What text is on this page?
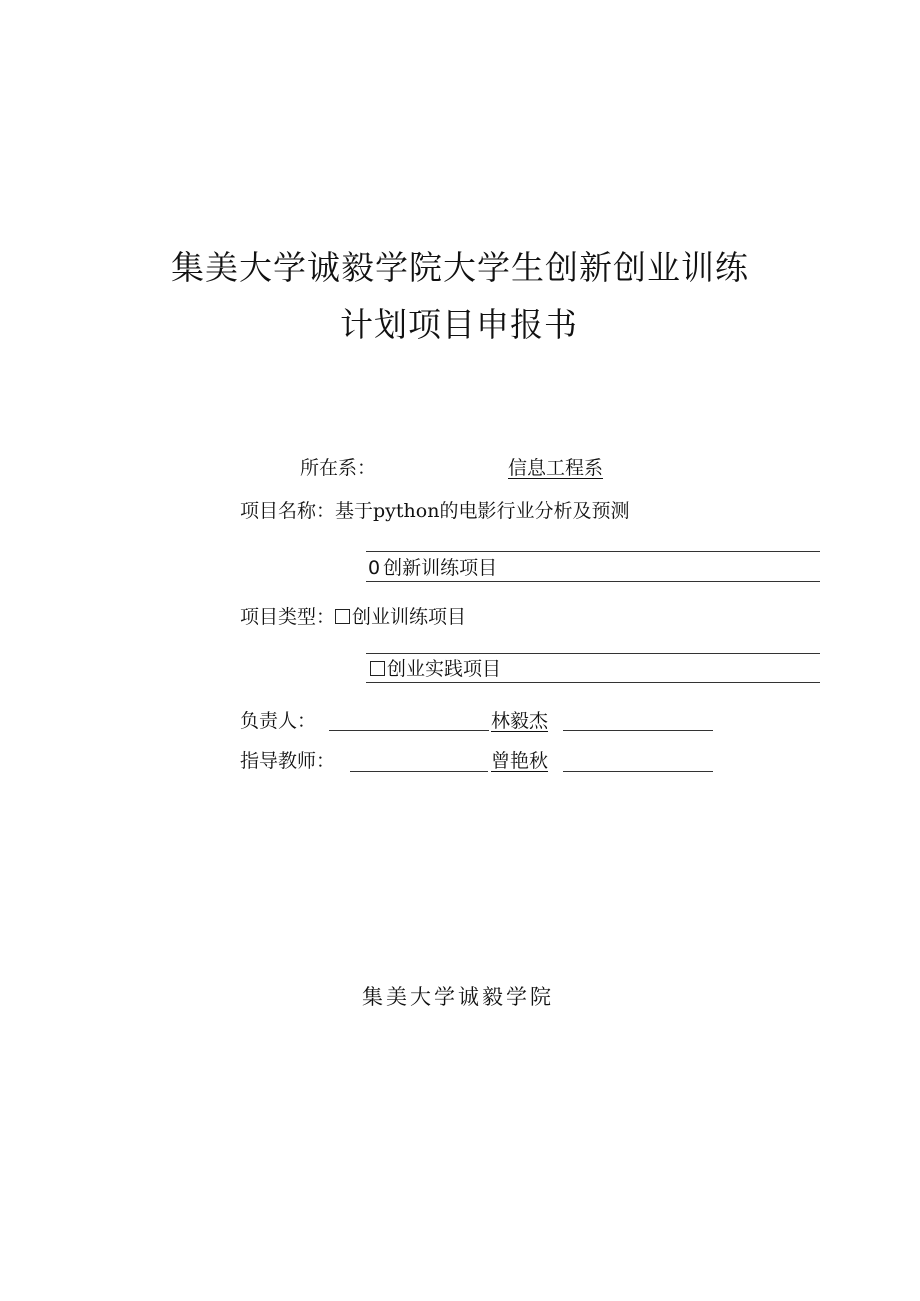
集美大学诚毅学院大学生创新创业训练
计划项目申报书
所在系：	信息工程系
项目名称：基于python的电影行业分析及预测
0 创新训练项目
项目类型： 创业训练项目
创业实践项目
负责人：	林毅杰
指导教师：	曾艳秋
集美大学诚毅学院
